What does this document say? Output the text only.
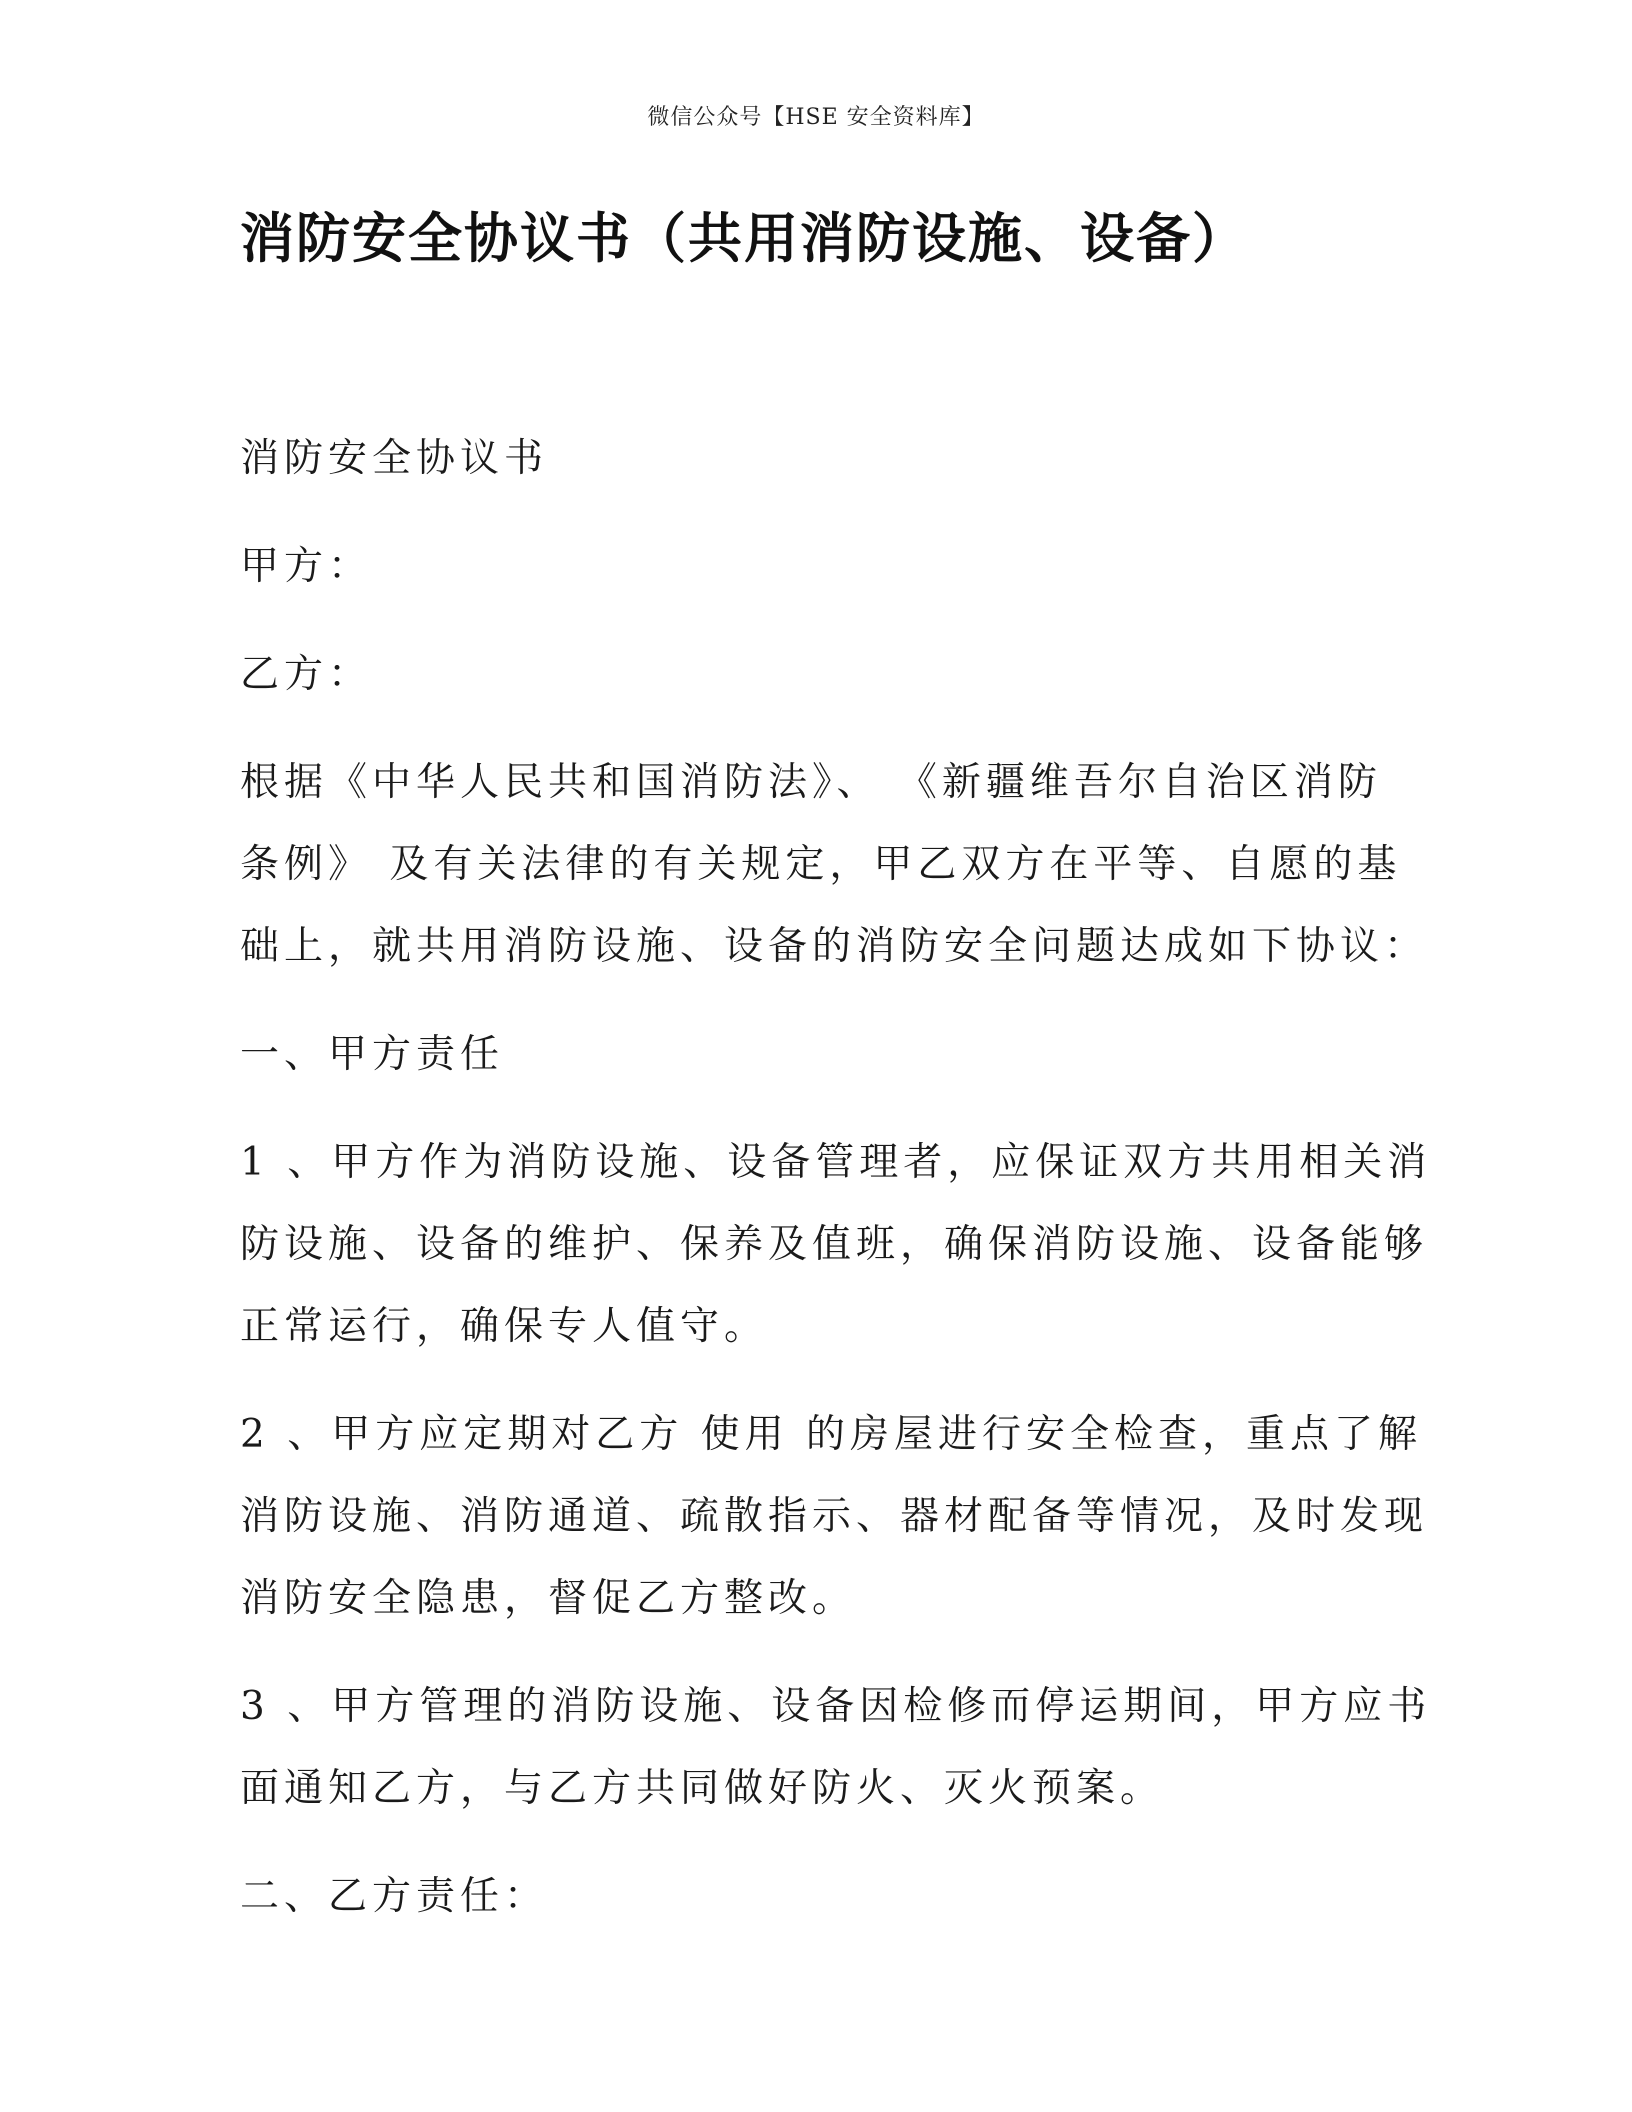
微信公众号【HSE 安全资料库】
消防安全协议书（共用消防设施、设备）

消防安全协议书

甲方：

乙方：

根据《中华人民共和国消防法》、 《新疆维吾尔自治区消防
条例》 及有关法律的有关规定，甲乙双方在平等、自愿的基
础上，就共用消防设施、设备的消防安全问题达成如下协议：

一、甲方责任

1 、甲方作为消防设施、设备管理者，应保证双方共用相关消
防设施、设备的维护、保养及值班，确保消防设施、设备能够
正常运行，确保专人值守。

2 、甲方应定期对乙方 使用 的房屋进行安全检查，重点了解
消防设施、消防通道、疏散指示、器材配备等情况，及时发现
消防安全隐患，督促乙方整改。

3 、甲方管理的消防设施、设备因检修而停运期间，甲方应书
面通知乙方，与乙方共同做好防火、灭火预案。

二、乙方责任：
